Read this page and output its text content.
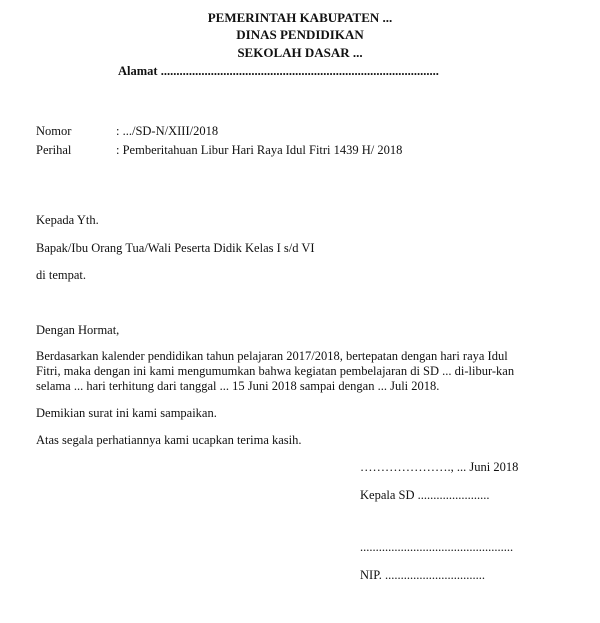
PEMERINTAH KABUPATEN ...
DINAS PENDIDIKAN
SEKOLAH DASAR ...
Alamat .........................................................................................
Nomor	: .../SD-N/XIII/2018
Perihal	: Pemberitahuan Libur Hari Raya Idul Fitri 1439 H/ 2018
Kepada Yth.
Bapak/Ibu Orang Tua/Wali Peserta Didik Kelas I s/d VI
di tempat.
Dengan Hormat,
Berdasarkan kalender pendidikan tahun pelajaran 2017/2018, bertepatan dengan hari raya Idul
Fitri, maka dengan ini kami mengumumkan bahwa kegiatan pembelajaran di SD ... di-libur-kan
selama ... hari terhitung dari tanggal ... 15 Juni 2018 sampai dengan ... Juli 2018.
Demikian surat ini kami sampaikan.
Atas segala perhatiannya kami ucapkan terima kasih.
…………………., ... Juni 2018
Kepala SD .......................
.................................................
NIP. ................................
